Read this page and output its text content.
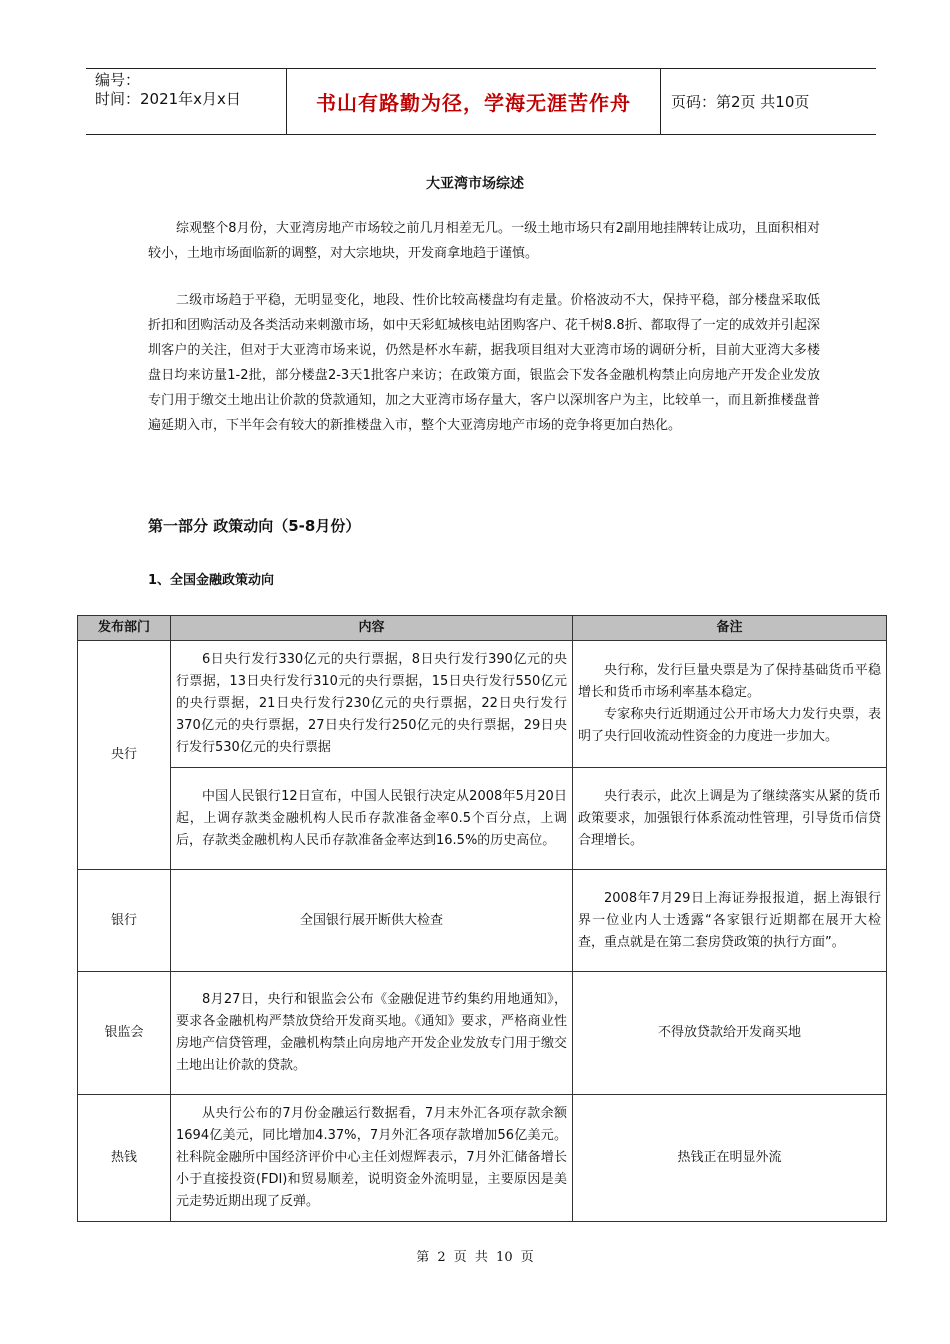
编号：
时间：2021年x月x日	书山有路勤为径，学海无涯苦作舟	页码：第2页 共10页
大亚湾市场综述

综观整个8月份，大亚湾房地产市场较之前几月相差无几。一级土地市场只有2副用地挂牌转让成功，且面积相对较小，土地市场面临新的调整，对大宗地块，开发商拿地趋于谨慎。

二级市场趋于平稳，无明显变化，地段、性价比较高楼盘均有走量。价格波动不大，保持平稳，部分楼盘采取低折扣和团购活动及各类活动来刺激市场，如中天彩虹城核电站团购客户、花千树8.8折、都取得了一定的成效并引起深圳客户的关注，但对于大亚湾市场来说，仍然是杯水车薪，据我项目组对大亚湾市场的调研分析，目前大亚湾大多楼盘日均来访量1-2批，部分楼盘2-3天1批客户来访；在政策方面，银监会下发各金融机构禁止向房地产开发企业发放专门用于缴交土地出让价款的贷款通知，加之大亚湾市场存量大，客户以深圳客户为主，比较单一，而且新推楼盘普遍延期入市，下半年会有较大的新推楼盘入市，整个大亚湾房地产市场的竞争将更加白热化。

第一部分 政策动向（5-8月份）
1、全国金融政策动向
发布部门	内容	备注
央行	6日央行发行330亿元的央行票据，8日央行发行390亿元的央行票据，13日央行发行310元的央行票据，15日央行发行550亿元的央行票据，21日央行发行230亿元的央行票据，22日央行发行370亿元的央行票据，27日央行发行250亿元的央行票据，29日央行发行530亿元的央行票据	央行称，发行巨量央票是为了保持基础货币平稳增长和货币市场利率基本稳定。

专家称央行近期通过公开市场大力发行央票，表明了央行回收流动性资金的力度进一步加大。

	中国人民银行12日宣布，中国人民银行决定从2008年5月20日起，上调存款类金融机构人民币存款准备金率0.5个百分点，上调后，存款类金融机构人民币存款准备金率达到16.5%的历史高位。	央行表示，此次上调是为了继续落实从紧的货币政策要求，加强银行体系流动性管理，引导货币信贷合理增长。

银行	全国银行展开断供大检查	2008年7月29日上海证券报报道，据上海银行界一位业内人士透露“各家银行近期都在展开大检查，重点就是在第二套房贷政策的执行方面”。

银监会	8月27日，央行和银监会公布《金融促进节约集约用地通知》，要求各金融机构严禁放贷给开发商买地。《通知》要求，严格商业性房地产信贷管理，金融机构禁止向房地产开发企业发放专门用于缴交土地出让价款的贷款。	不得放贷款给开发商买地
热钱	从央行公布的7月份金融运行数据看，7月末外汇各项存款余额1694亿美元，同比增加4.37%，7月外汇各项存款增加56亿美元。社科院金融所中国经济评价中心主任刘煜辉表示，7月外汇储备增长小于直接投资(FDI)和贸易顺差，说明资金外流明显，主要原因是美元走势近期出现了反弹。	热钱正在明显外流
第 2 页 共 10 页
